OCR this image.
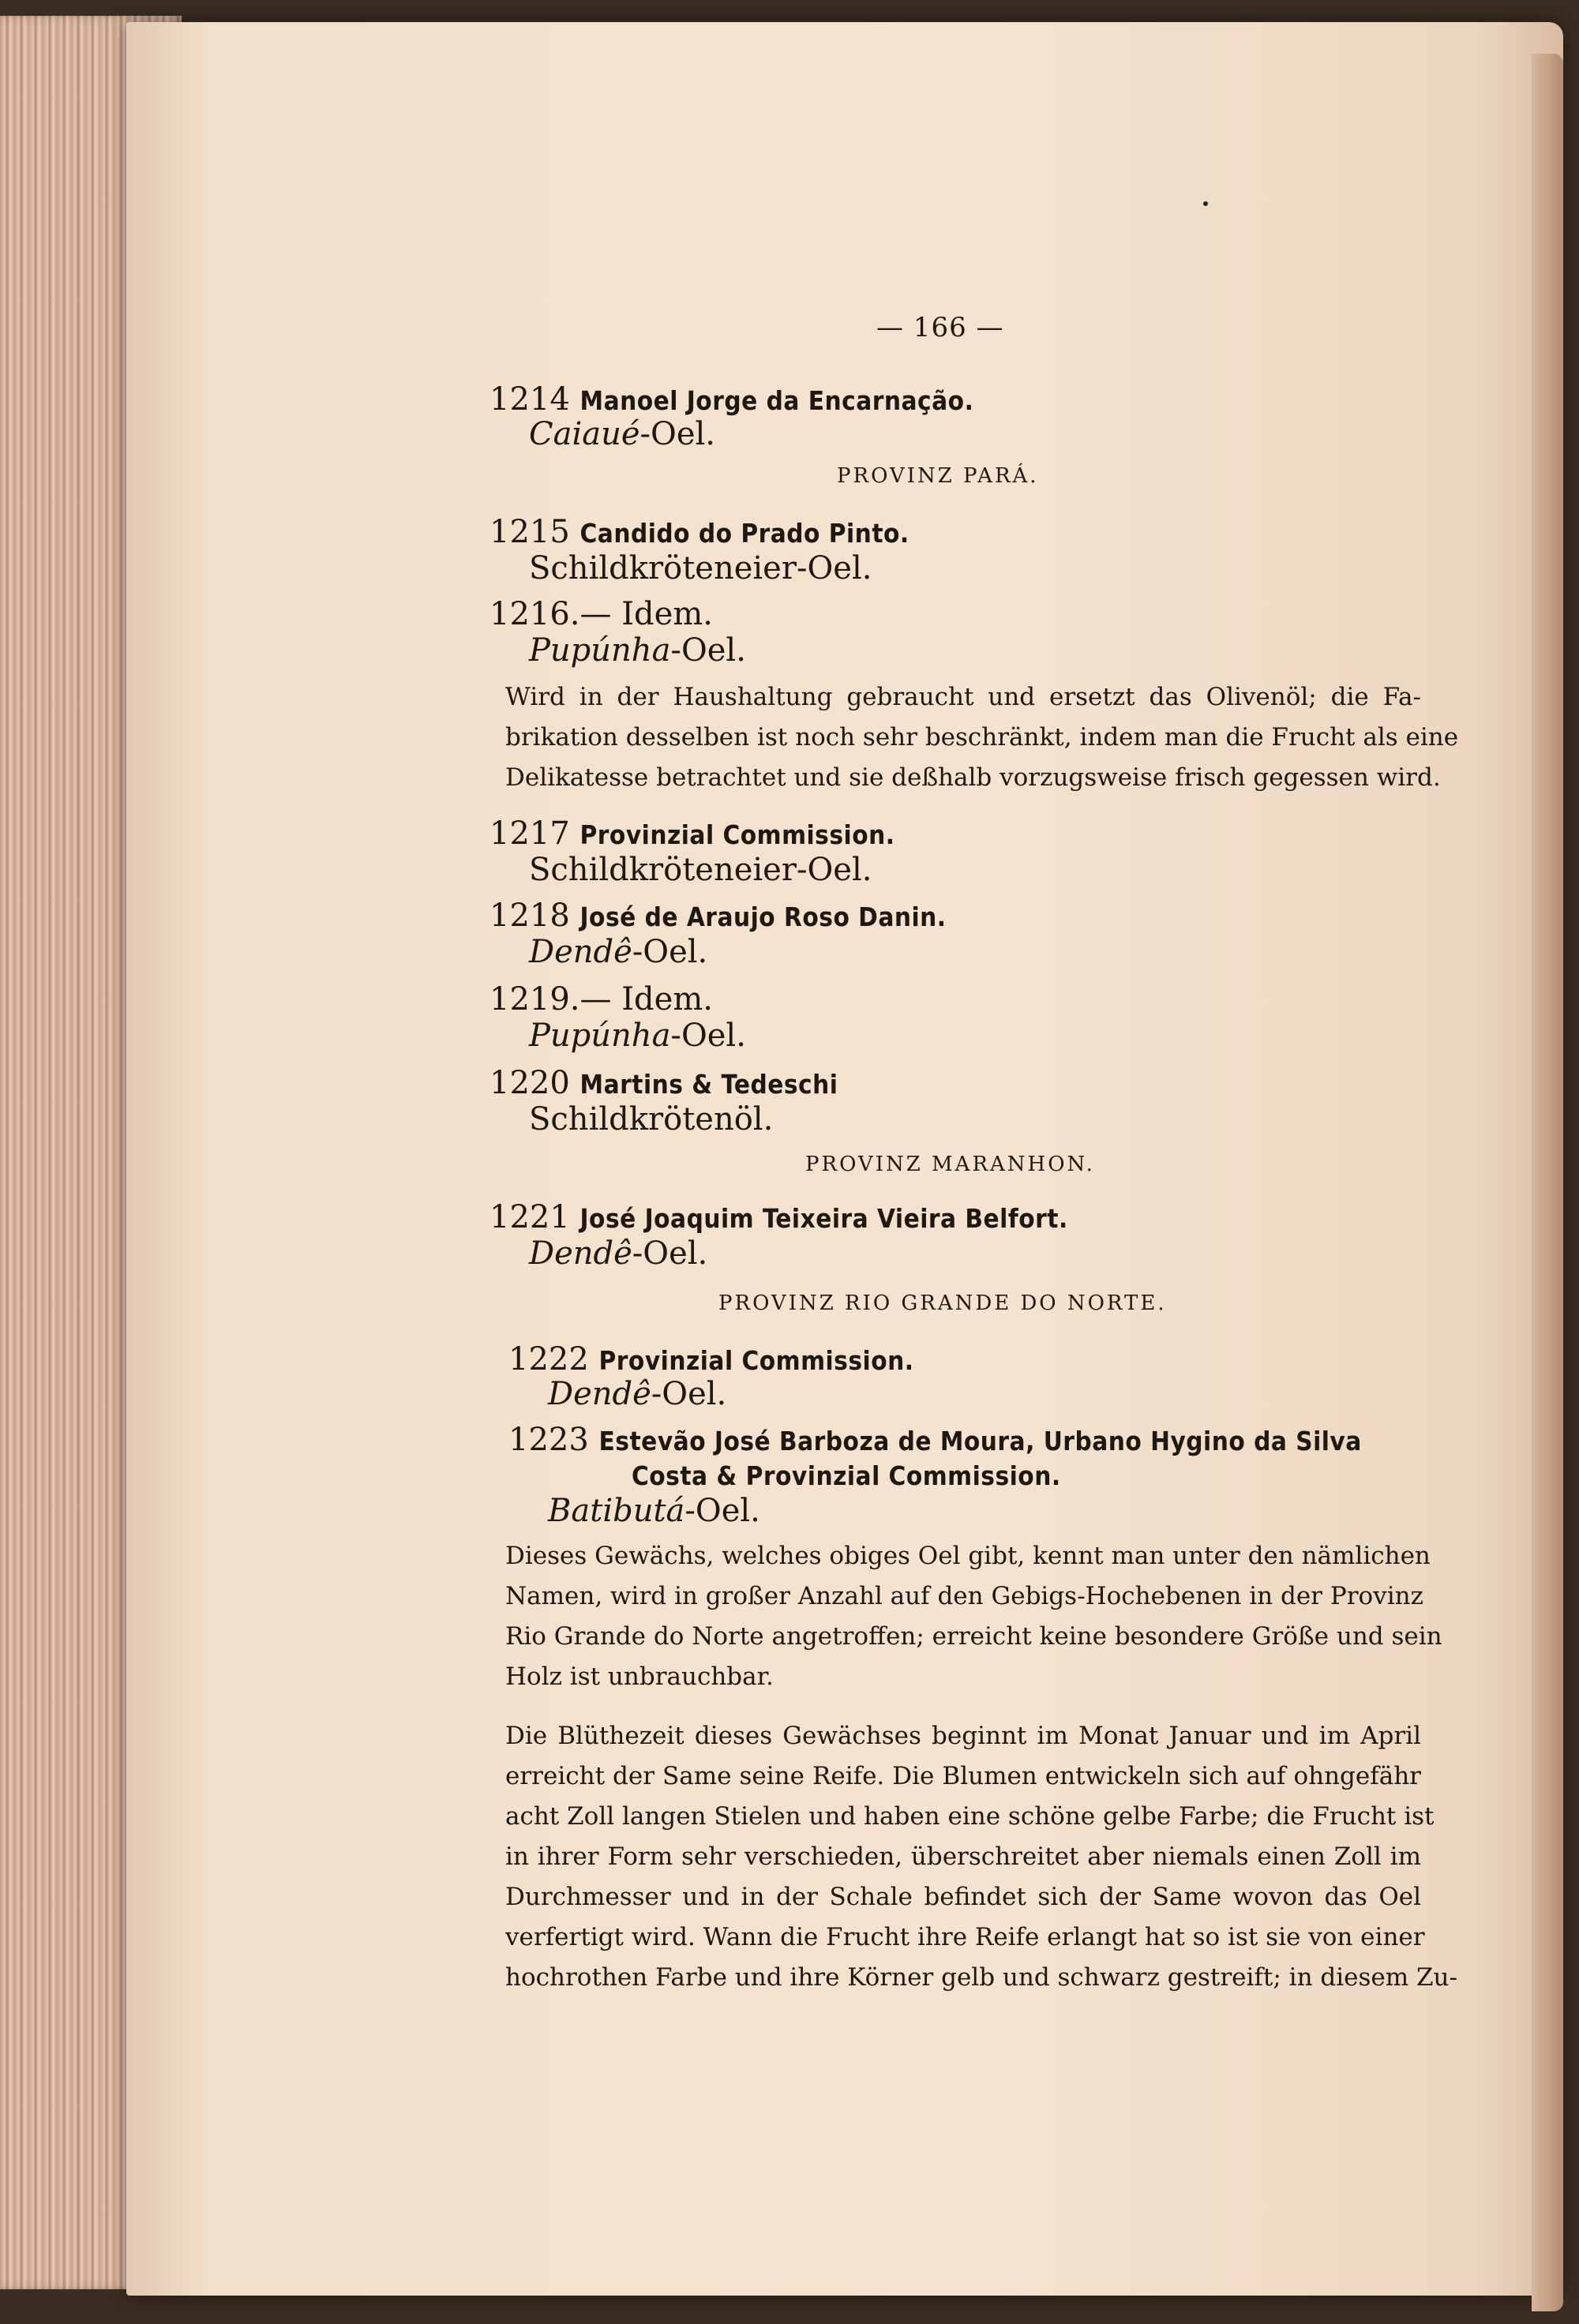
— 166 —
1214 Manoel Jorge da Encarnação.
Caiaué-Oel.
PROVINZ PARÁ.
1215 Candido do Prado Pinto.
Schildkröteneier-Oel.
1216.— Idem.
Pupúnha-Oel.
Wird in der Haushaltung gebraucht und ersetzt das Olivenöl; die Fa-
brikation desselben ist noch sehr beschränkt, indem man die Frucht als eine
Delikatesse betrachtet und sie deßhalb vorzugsweise frisch gegessen wird.
1217 Provinzial Commission.
Schildkröteneier-Oel.
1218 José de Araujo Roso Danin.
Dendê-Oel.
1219.— Idem.
Pupúnha-Oel.
1220 Martins & Tedeschi
Schildkrötenöl.
PROVINZ MARANHON.
1221 José Joaquim Teixeira Vieira Belfort.
Dendê-Oel.
PROVINZ RIO GRANDE DO NORTE.
1222 Provinzial Commission.
Dendê-Oel.
1223 Estevão José Barboza de Moura, Urbano Hygino da Silva
Costa & Provinzial Commission.
Batibutá-Oel.
Dieses Gewächs, welches obiges Oel gibt, kennt man unter den nämlichen
Namen, wird in großer Anzahl auf den Gebigs-Hochebenen in der Provinz
Rio Grande do Norte angetroffen; erreicht keine besondere Größe und sein
Holz ist unbrauchbar.
Die Blüthezeit dieses Gewächses beginnt im Monat Januar und im April
erreicht der Same seine Reife. Die Blumen entwickeln sich auf ohngefähr
acht Zoll langen Stielen und haben eine schöne gelbe Farbe; die Frucht ist
in ihrer Form sehr verschieden, überschreitet aber niemals einen Zoll im
Durchmesser und in der Schale befindet sich der Same wovon das Oel
verfertigt wird. Wann die Frucht ihre Reife erlangt hat so ist sie von einer
hochrothen Farbe und ihre Körner gelb und schwarz gestreift; in diesem Zu-
